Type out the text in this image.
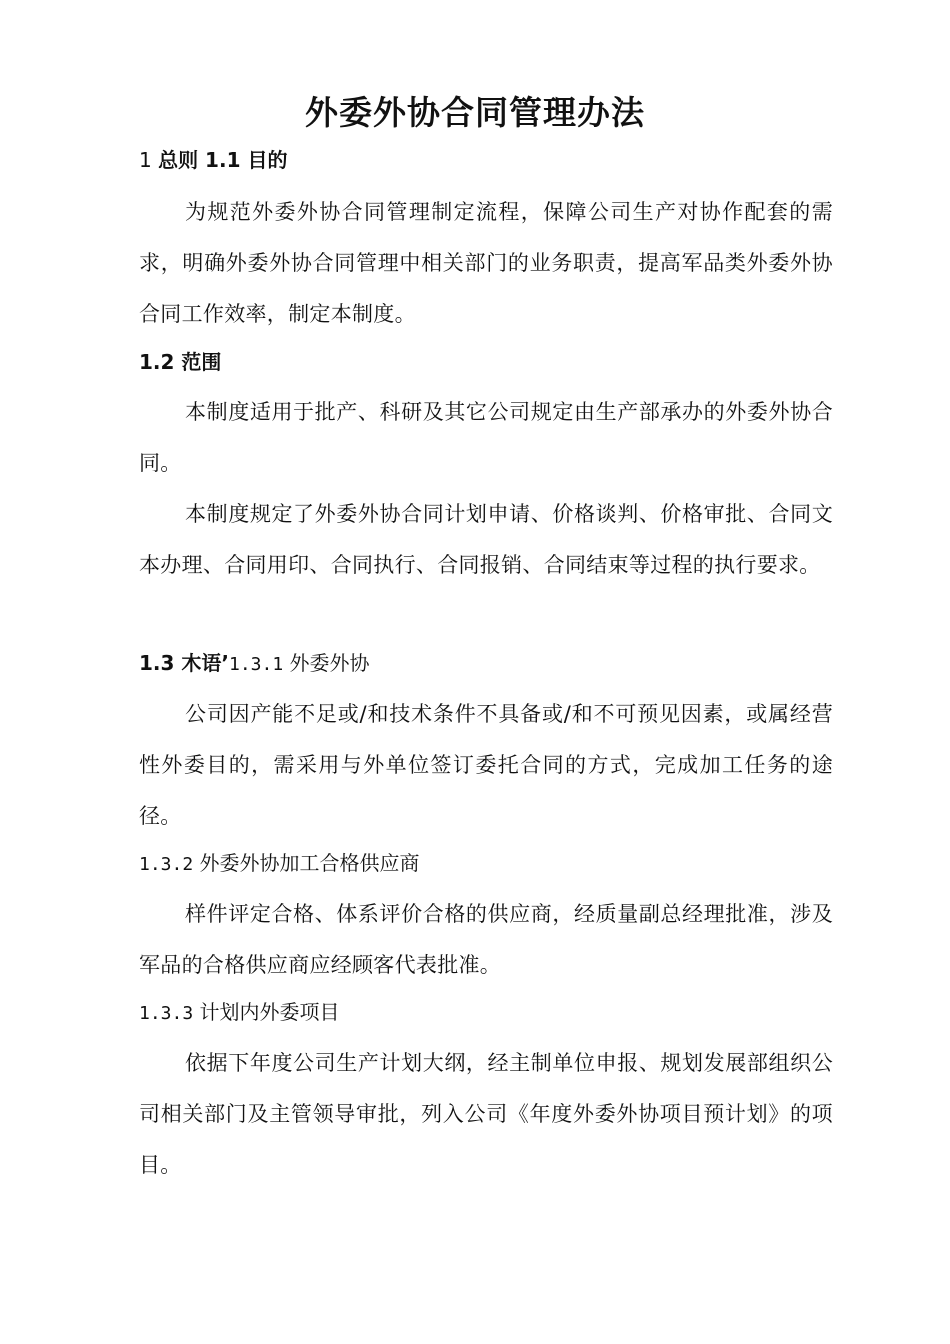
外委外协合同管理办法
1 总则 1.1 目的

为规范外委外协合同管理制定流程，保障公司生产对协作配套的需求，明确外委外协合同管理中相关部门的业务职责，提高军品类外委外协合同工作效率，制定本制度。

1.2 范围

本制度适用于批产、科研及其它公司规定由生产部承办的外委外协合同。

本制度规定了外委外协合同计划申请、价格谈判、价格审批、合同文本办理、合同用印、合同执行、合同报销、合同结束等过程的执行要求。

1.3 木语’1.3.1 外委外协

公司因产能不足或/和技术条件不具备或/和不可预见因素，或属经营性外委目的，需采用与外单位签订委托合同的方式，完成加工任务的途径。

1.3.2 外委外协加工合格供应商

样件评定合格、体系评价合格的供应商，经质量副总经理批准，涉及军品的合格供应商应经顾客代表批准。

1.3.3 计划内外委项目

依据下年度公司生产计划大纲，经主制单位申报、规划发展部组织公司相关部门及主管领导审批，列入公司《年度外委外协项目预计划》的项目。
